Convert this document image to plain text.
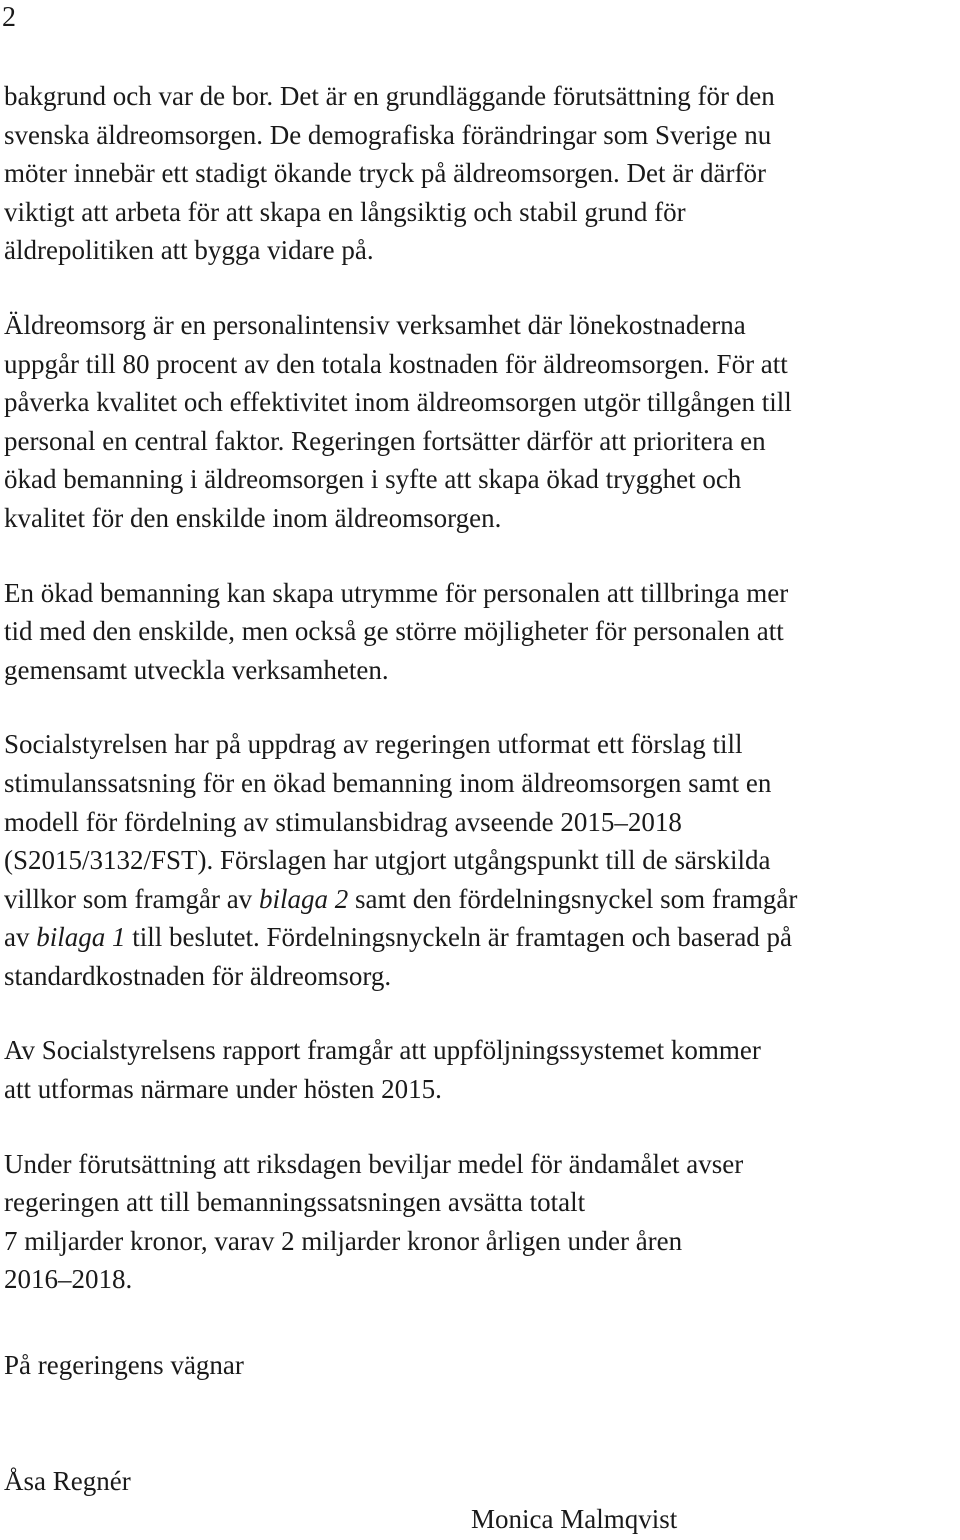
2

bakgrund och var de bor. Det är en grundläggande förutsättning för den
svenska äldreomsorgen. De demografiska förändringar som Sverige nu
möter innebär ett stadigt ökande tryck på äldreomsorgen. Det är därför
viktigt att arbeta för att skapa en långsiktig och stabil grund för
äldrepolitiken att bygga vidare på.

Äldreomsorg är en personalintensiv verksamhet där lönekostnaderna
uppgår till 80 procent av den totala kostnaden för äldreomsorgen. För att
påverka kvalitet och effektivitet inom äldreomsorgen utgör tillgången till
personal en central faktor. Regeringen fortsätter därför att prioritera en
ökad bemanning i äldreomsorgen i syfte att skapa ökad trygghet och
kvalitet för den enskilde inom äldreomsorgen.

En ökad bemanning kan skapa utrymme för personalen att tillbringa mer
tid med den enskilde, men också ge större möjligheter för personalen att
gemensamt utveckla verksamheten.

Socialstyrelsen har på uppdrag av regeringen utformat ett förslag till
stimulanssatsning för en ökad bemanning inom äldreomsorgen samt en
modell för fördelning av stimulansbidrag avseende 2015–2018
(S2015/3132/FST). Förslagen har utgjort utgångspunkt till de särskilda
villkor som framgår av bilaga 2 samt den fördelningsnyckel som framgår
av bilaga 1 till beslutet. Fördelningsnyckeln är framtagen och baserad på
standardkostnaden för äldreomsorg.

Av Socialstyrelsens rapport framgår att uppföljningssystemet kommer
att utformas närmare under hösten 2015.

Under förutsättning att riksdagen beviljar medel för ändamålet avser
regeringen att till bemanningssatsningen avsätta totalt
7 miljarder kronor, varav 2 miljarder kronor årligen under åren
2016–2018.

På regeringens vägnar

Åsa Regnér

Monica Malmqvist
